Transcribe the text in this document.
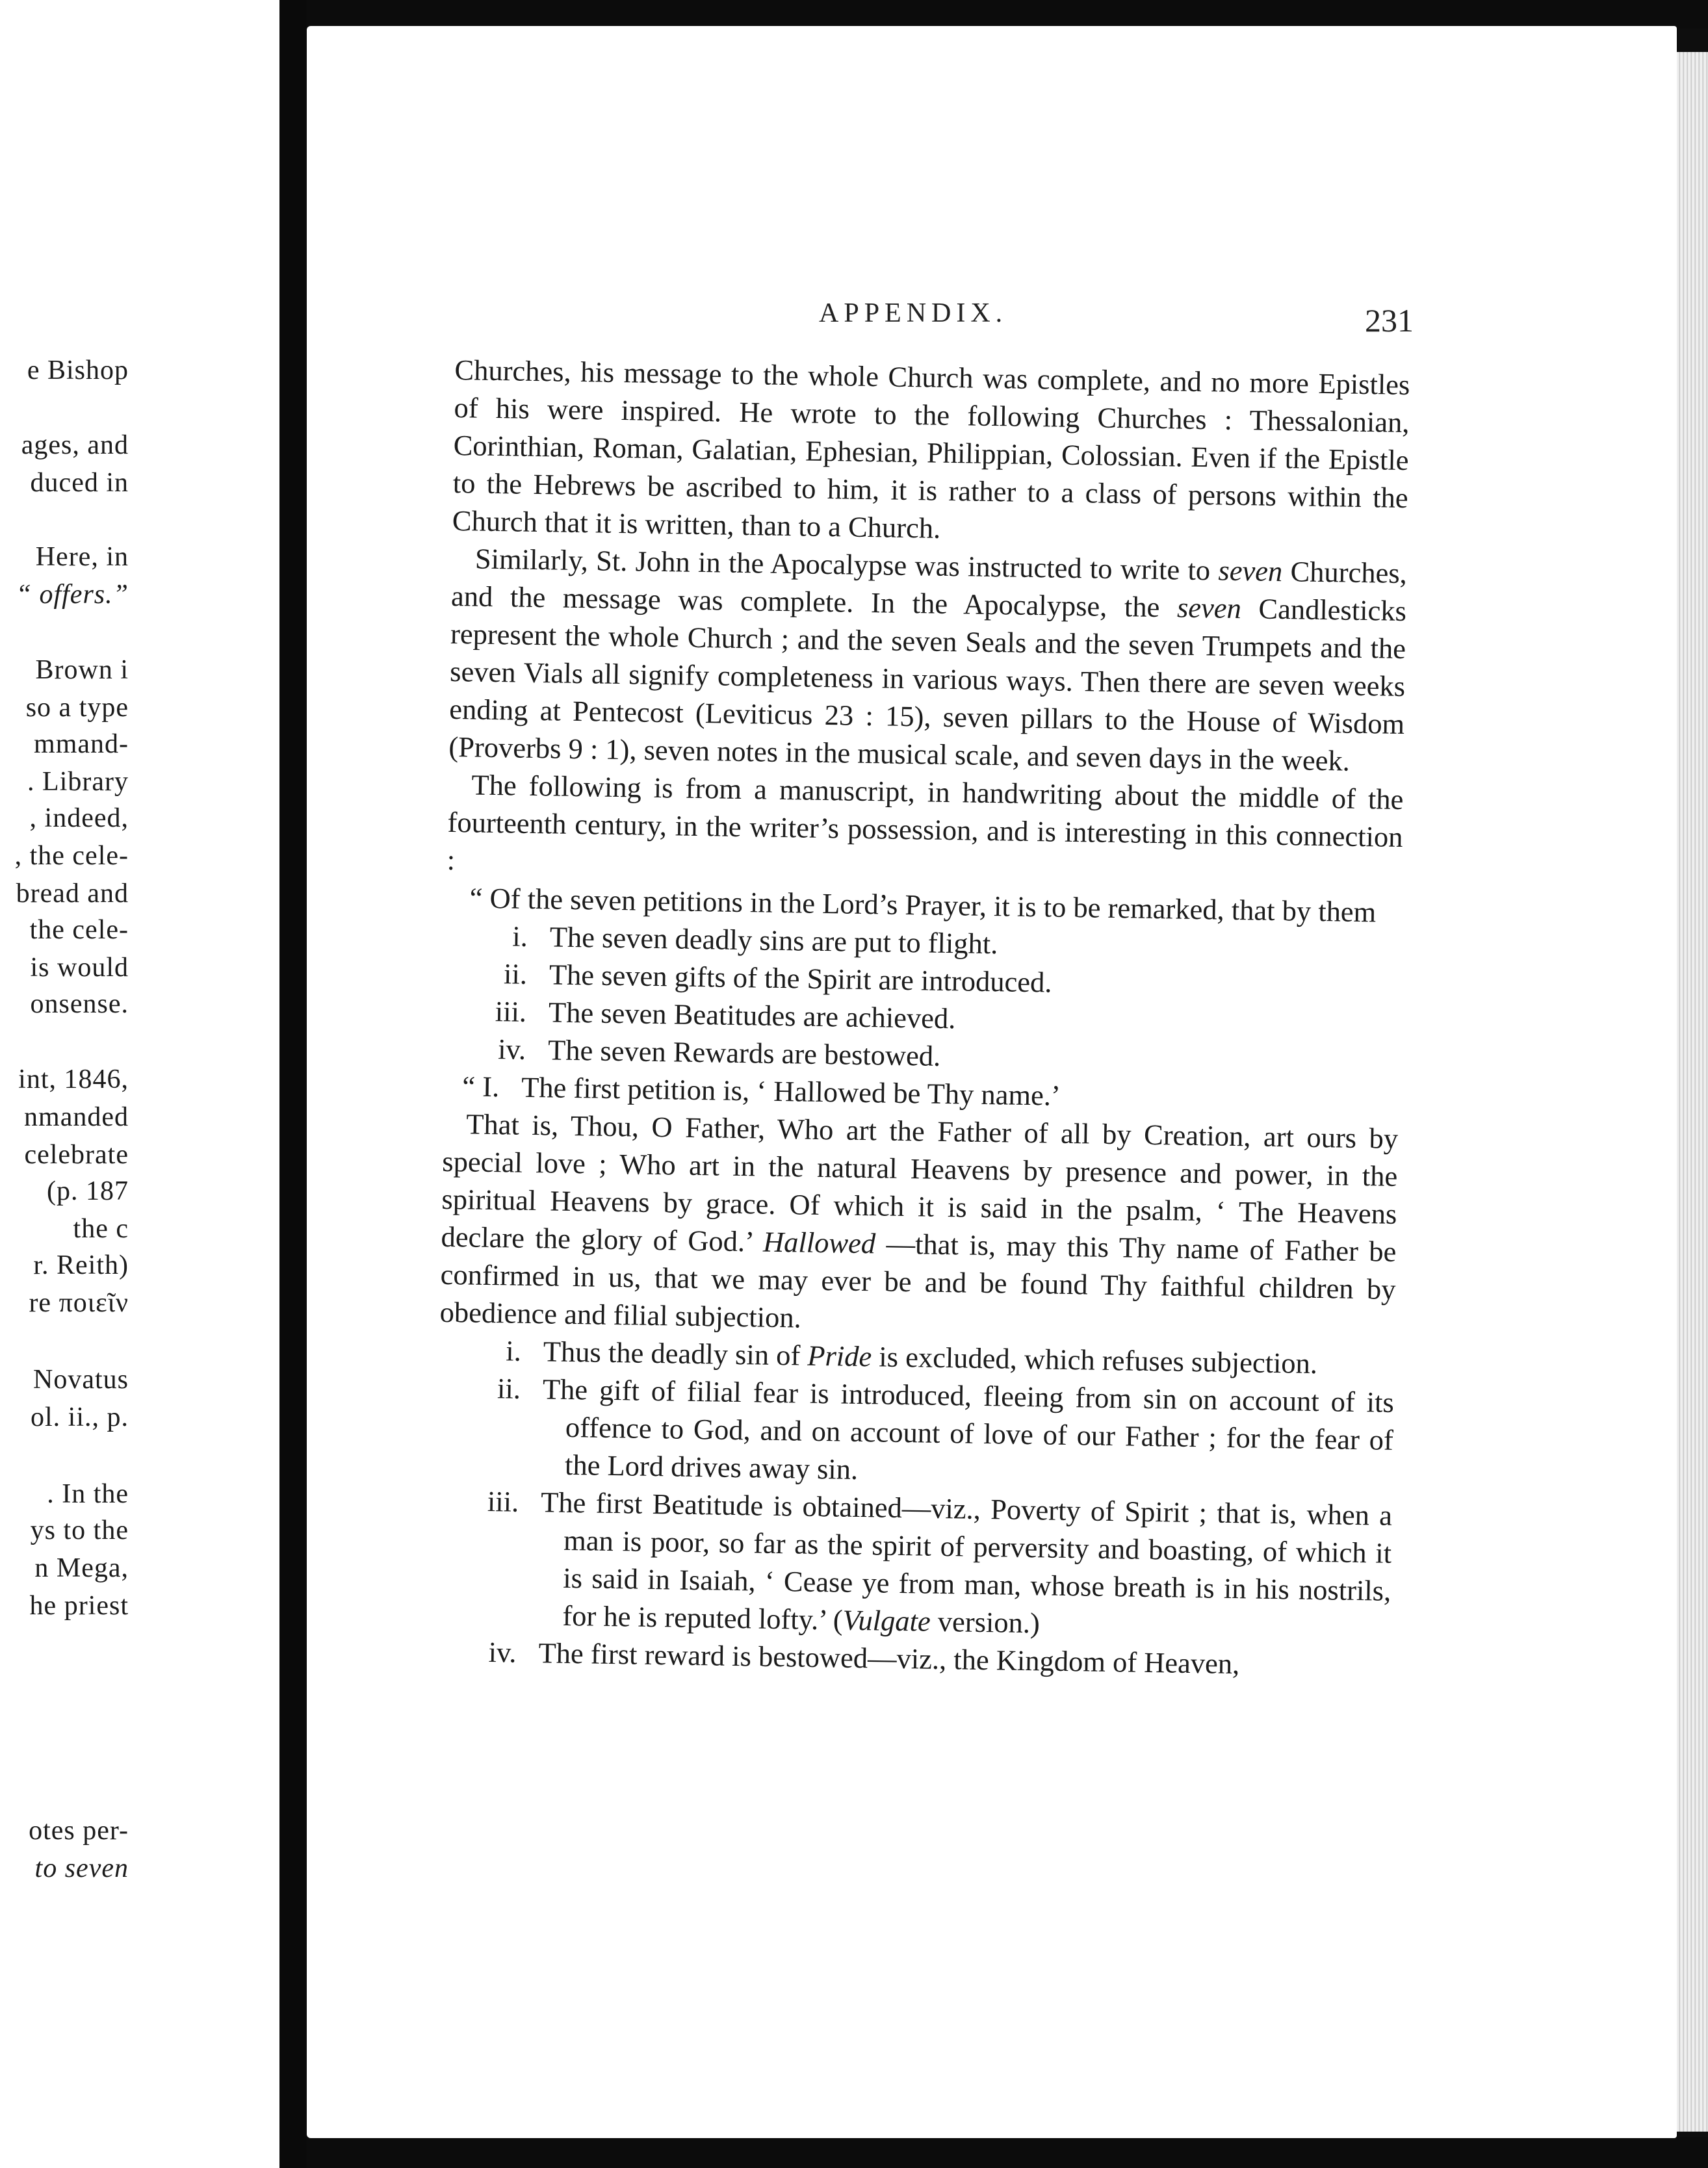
e Bishop
ages, and
duced in
Here, in
“ offers.”
Brown i
so a type
mmand-
. Library
, indeed,
, the cele-
bread and
the cele-
is would
onsense.
int, 1846,
nmanded
celebrate
(p. 187
the c
r. Reith)
re ποιεῖν
Novatus
ol. ii., p.
. In the
ys to the
n Mega,
he priest
otes per-
to seven
APPENDIX.	231

Churches, his message to the whole Church was complete, and no more Epistles of his were inspired. He wrote to the following Churches : Thessalonian, Corinthian, Roman, Galatian, Ephesian, Philippian, Colossian. Even if the Epistle to the Hebrews be ascribed to him, it is rather to a class of persons within the Church that it is written, than to a Church.

Similarly, St. John in the Apocalypse was instructed to write to seven Churches, and the message was complete. In the Apocalypse, the seven Candlesticks represent the whole Church ; and the seven Seals and the seven Trumpets and the seven Vials all signify completeness in various ways. Then there are seven weeks ending at Pentecost (Leviticus 23 : 15), seven pillars to the House of Wisdom (Proverbs 9 : 1), seven notes in the musical scale, and seven days in the week.

The following is from a manuscript, in handwriting about the middle of the fourteenth century, in the writer’s possession, and is interesting in this connection :

“ Of the seven petitions in the Lord’s Prayer, it is to be remarked, that by them

i. The seven deadly sins are put to flight.
ii. The seven gifts of the Spirit are introduced.
iii. The seven Beatitudes are achieved.
iv. The seven Rewards are bestowed.
“ I. The first petition is, ‘ Hallowed be Thy name.’

That is, Thou, O Father, Who art the Father of all by Creation, art ours by special love ; Who art in the natural Heavens by presence and power, in the spiritual Heavens by grace. Of which it is said in the psalm, ‘ The Heavens declare the glory of God.’ Hallowed —that is, may this Thy name of Father be confirmed in us, that we may ever be and be found Thy faithful children by obedience and filial subjection.

i. Thus the deadly sin of Pride is excluded, which refuses subjection.
ii. The gift of filial fear is introduced, fleeing from sin on account of its offence to God, and on account of love of our Father ; for the fear of the Lord drives away sin.
iii. The first Beatitude is obtained—viz., Poverty of Spirit ; that is, when a man is poor, so far as the spirit of perversity and boasting, of which it is said in Isaiah, ‘ Cease ye from man, whose breath is in his nostrils, for he is reputed lofty.’ (Vulgate version.)
iv. The first reward is bestowed—viz., the Kingdom of Heaven,
